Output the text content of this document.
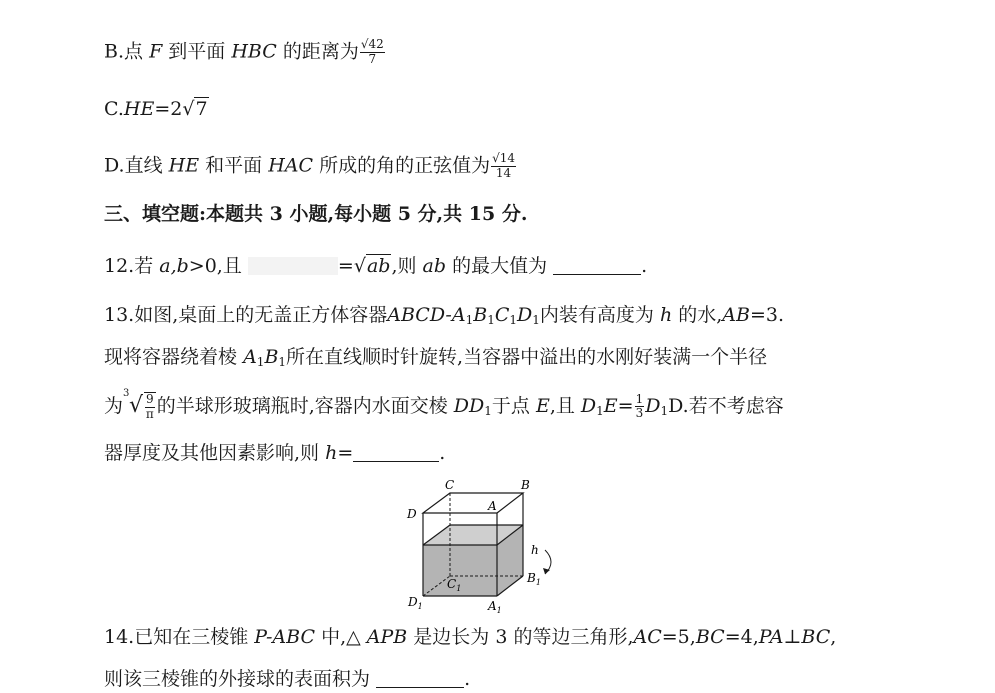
B.点 F 到平面 HBC 的距离为 $\frac{√42}{7}$
C.HE=2√7
D.直线 HE 和平面 HAC 所成的角的正弦值为 $\frac{√14}{14}$
三、填空题:本题共 3 小题,每小题 5 分,共 15 分.
12.若 a,b>0,且	=√ab,则 ab 的最大值为	.
13.如图,桌面上的无盖正方体容器ABCD-$A_1B_1C_1D_1$内装有高度为 h 的水,AB=3.
现将容器绕着棱 $A_1B_1$所在直线顺时针旋转,当容器中溢出的水刚好装满一个半径
为
3 √ $\frac{9}{\pi}$ 的半球形玻璃瓶时,容器内水面交棱 $DD_1$于点 E,且 $D_1E= \frac{1}{3} D_1D$.若不考虑容
器厚度及其他因素影响,则 h=	.
C	B
D
A
h
$B_1$
$C_1$
$D_1$	$A_1$
14.已知在三棱锥 P-ABC 中,△ APB 是边长为 3 的等边三角形,AC=5,BC=4,PA⊥BC,
则该三棱锥的外接球的表面积为	.
